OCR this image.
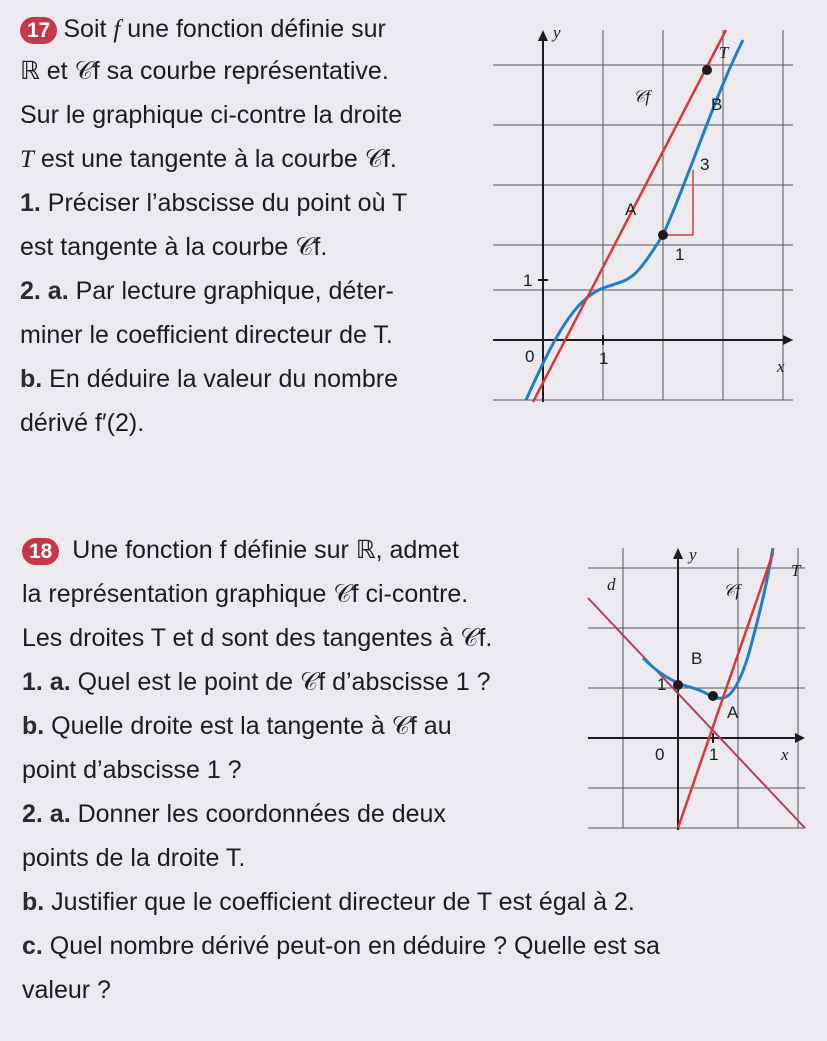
17 Soit f une fonction définie sur
ℝ et 𝒞f sa courbe représentative.
Sur le graphique ci-contre la droite
T est une tangente à la courbe 𝒞f.
1. Préciser l’abscisse du point où T
est tangente à la courbe 𝒞f.
2. a. Par lecture graphique, déter-
miner le coefficient directeur de T.
b. En déduire la valeur du nombre
dérivé f′(2).
y
x
0	1
1
T
𝒞f	B
A
1
3
18 Une fonction f définie sur ℝ, admet
la représentation graphique 𝒞f ci-contre.
Les droites T et d sont des tangentes à 𝒞f.
1. a. Quel est le point de 𝒞f d’abscisse 1 ?
b. Quelle droite est la tangente à 𝒞f au
point d’abscisse 1 ?
2. a. Donner les coordonnées de deux
points de la droite T.
b. Justifier que le coefficient directeur de T est égal à 2.
c. Quel nombre dérivé peut-on en déduire ? Quelle est sa
valeur ?
y
x
0	1
1
T
d	𝒞f
B
A
